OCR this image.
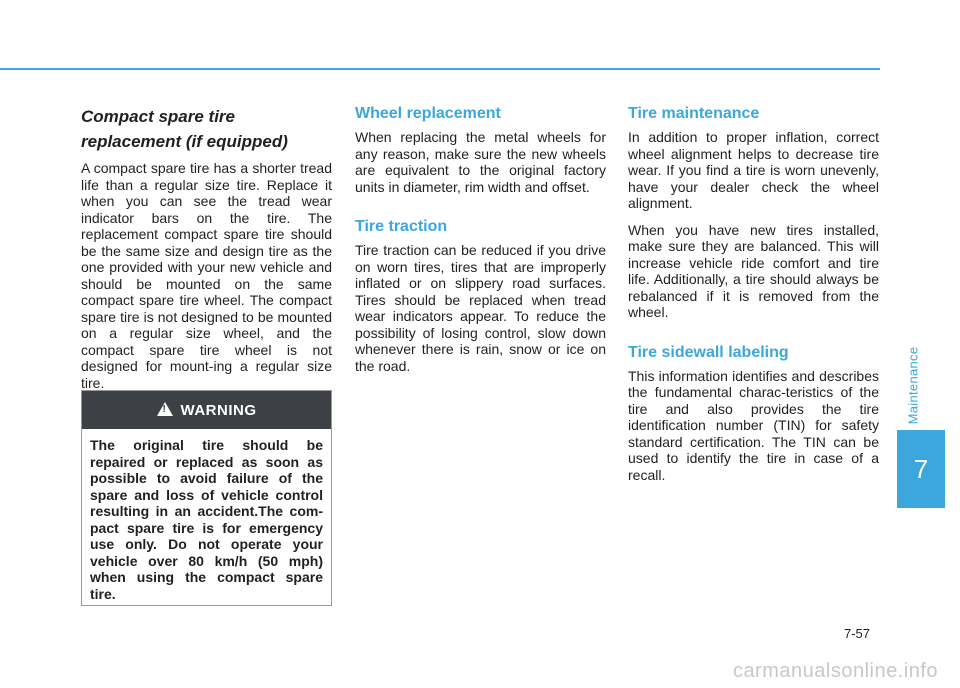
Compact spare tire replacement (if equipped)

A compact spare tire has a shorter tread life than a regular size tire. Replace it when you can see the tread wear indicator bars on the tire. The replacement compact spare tire should be the same size and design tire as the one provided with your new vehicle and should be mounted on the same compact spare tire wheel. The compact spare tire is not designed to be mounted on a regular size wheel, and the compact spare tire wheel is not designed for mount-ing a regular size tire.

!
WARNING
The original tire should be repaired or replaced as soon as possible to avoid failure of the spare and loss of vehicle control resulting in an accident.The com-pact spare tire is for emergency use only. Do not operate your vehicle over 80 km/h (50 mph) when using the compact spare tire.
Wheel replacement

When replacing the metal wheels for any reason, make sure the new wheels are equivalent to the original factory units in diameter, rim width and offset.

Tire traction

Tire traction can be reduced if you drive on worn tires, tires that are improperly inflated or on slippery road surfaces. Tires should be replaced when tread wear indicators appear. To reduce the possibility of losing control, slow down whenever there is rain, snow or ice on the road.

Tire maintenance

In addition to proper inflation, correct wheel alignment helps to decrease tire wear. If you find a tire is worn unevenly, have your dealer check the wheel alignment.

When you have new tires installed, make sure they are balanced. This will increase vehicle ride comfort and tire life. Additionally, a tire should always be rebalanced if it is removed from the wheel.

Tire sidewall labeling

This information identifies and describes the fundamental charac-teristics of the tire and also provides the tire identification number (TIN) for safety standard certification. The TIN can be used to identify the tire in case of a recall.

Maintenance
7
7-57
carmanualsonline.info
